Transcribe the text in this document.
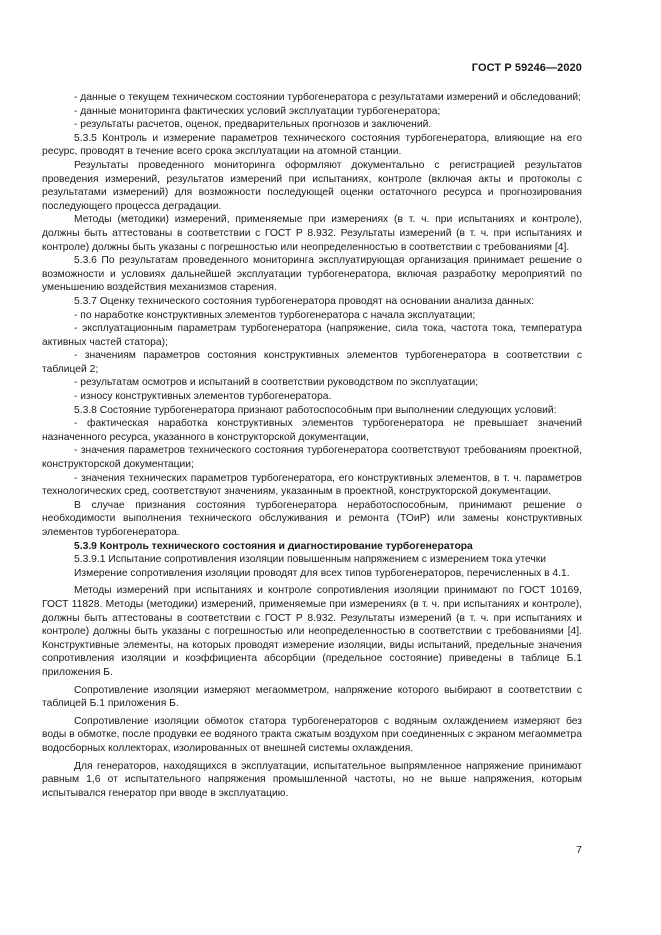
ГОСТ Р 59246—2020

- данные о текущем техническом состоянии турбогенератора с результатами измерений и обследований;

- данные мониторинга фактических условий эксплуатации турбогенератора;

- результаты расчетов, оценок, предварительных прогнозов и заключений.

5.3.5 Контроль и измерение параметров технического состояния турбогенератора, влияющие на его ресурс, проводят в течение всего срока эксплуатации на атомной станции.

Результаты проведенного мониторинга оформляют документально с регистрацией результатов проведения измерений, результатов измерений при испытаниях, контроле (включая акты и протоколы с результатами измерений) для возможности последующей оценки остаточного ресурса и прогнозирования последующего процесса деградации.

Методы (методики) измерений, применяемые при измерениях (в т. ч. при испытаниях и контроле), должны быть аттестованы в соответствии с ГОСТ Р 8.932. Результаты измерений (в т. ч. при испытаниях и контроле) должны быть указаны с погрешностью или неопределенностью в соответствии с требованиями [4].

5.3.6 По результатам проведенного мониторинга эксплуатирующая организация принимает решение о возможности и условиях дальнейшей эксплуатации турбогенератора, включая разработку мероприятий по уменьшению воздействия механизмов старения.

5.3.7 Оценку технического состояния турбогенератора проводят на основании анализа данных:

- по наработке конструктивных элементов турбогенератора с начала эксплуатации;

- эксплуатационным параметрам турбогенератора (напряжение, сила тока, частота тока, температура активных частей статора);

- значениям параметров состояния конструктивных элементов турбогенератора в соответствии с таблицей 2;

- результатам осмотров и испытаний в соответствии руководством по эксплуатации;

- износу конструктивных элементов турбогенератора.

5.3.8 Состояние турбогенератора признают работоспособным при выполнении следующих условий:

- фактическая наработка конструктивных элементов турбогенератора не превышает значений назначенного ресурса, указанного в конструкторской документации,

- значения параметров технического состояния турбогенератора соответствуют требованиям проектной, конструкторской документации;

- значения технических параметров турбогенератора, его конструктивных элементов, в т. ч. параметров технологических сред, соответствуют значениям, указанным в проектной, конструкторской документации.

В случае признания состояния турбогенератора неработоспособным, принимают решение о необходимости выполнения технического обслуживания и ремонта (ТОиР) или замены конструктивных элементов турбогенератора.

5.3.9 Контроль технического состояния и диагностирование турбогенератора

5.3.9.1 Испытание сопротивления изоляции повышенным напряжением с измерением тока утечки

Измерение сопротивления изоляции проводят для всех типов турбогенераторов, перечисленных в 4.1.

Методы измерений при испытаниях и контроле сопротивления изоляции принимают по ГОСТ 10169, ГОСТ 11828. Методы (методики) измерений, применяемые при измерениях (в т. ч. при испытаниях и контроле), должны быть аттестованы в соответствии с ГОСТ Р 8.932. Результаты измерений (в т. ч. при испытаниях и контроле) должны быть указаны с погрешностью или неопределенностью в соответствии с требованиями [4]. Конструктивные элементы, на которых проводят измерение изоляции, виды испытаний, предельные значения сопротивления изоляции и коэффициента абсорбции (предельное состояние) приведены в таблице Б.1 приложения Б.

Сопротивление изоляции измеряют мегаомметром, напряжение которого выбирают в соответствии с таблицей Б.1 приложения Б.

Сопротивление изоляции обмоток статора турбогенераторов с водяным охлаждением измеряют без воды в обмотке, после продувки ее водяного тракта сжатым воздухом при соединенных с экраном мегаомметра водосборных коллекторах, изолированных от внешней системы охлаждения.

Для генераторов, находящихся в эксплуатации, испытательное выпрямленное напряжение принимают равным 1,6 от испытательного напряжения промышленной частоты, но не выше напряжения, которым испытывался генератор при вводе в эксплуатацию.

7
